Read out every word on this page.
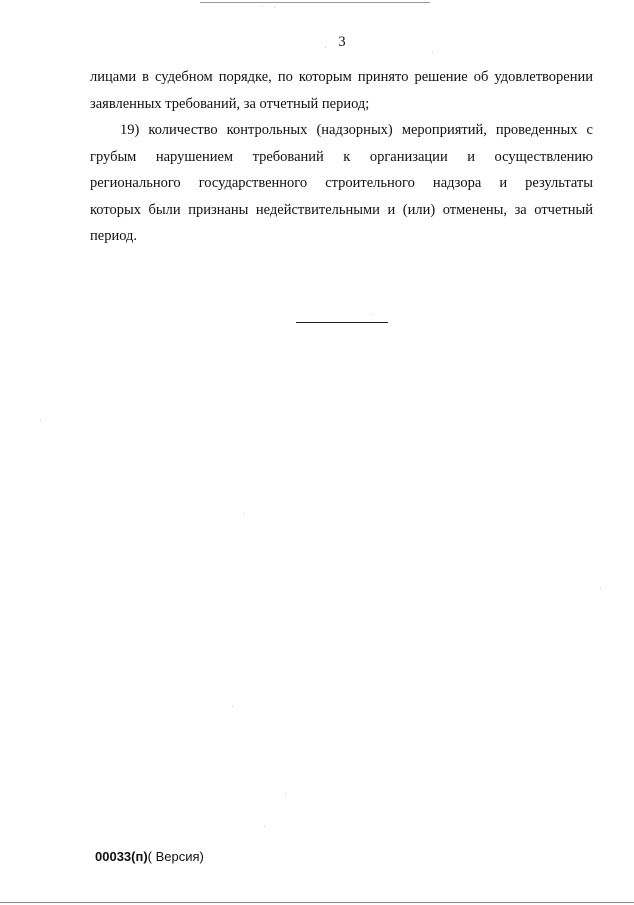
3
лицами в судебном порядке, по которым принято решение об удовлетворении
заявленных требований, за отчетный период;
19) количество контрольных (надзорных) мероприятий, проведенных с
грубым нарушением требований к организации и осуществлению
регионального государственного строительного надзора и результаты
которых были признаны недействительными и (или) отменены, за отчетный
период.
00033(п)( Версия)
